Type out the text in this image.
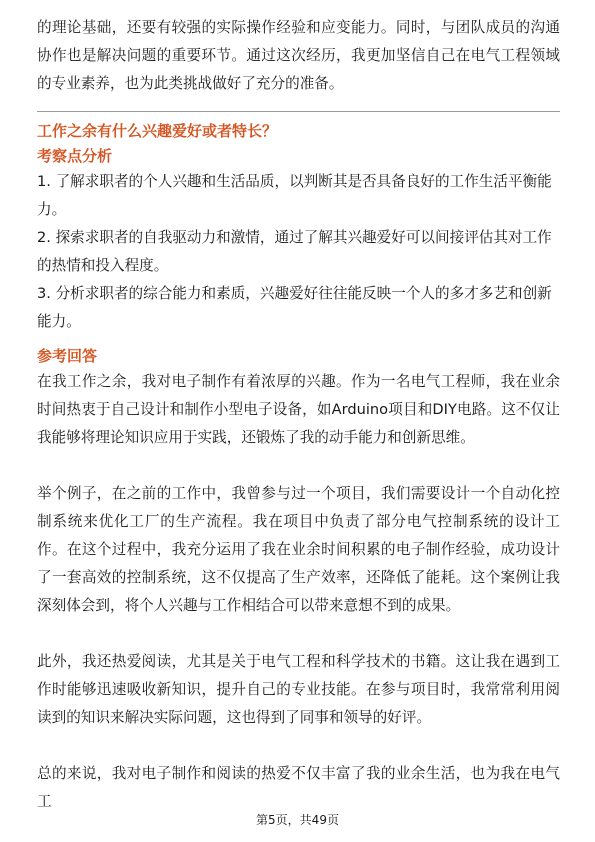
的理论基础，还要有较强的实际操作经验和应变能力。同时，与团队成员的沟通协作也是解决问题的重要环节。通过这次经历，我更加坚信自己在电气工程领域的专业素养，也为此类挑战做好了充分的准备。

工作之余有什么兴趣爱好或者特长？

考察点分析

1. 了解求职者的个人兴趣和生活品质，以判断其是否具备良好的工作生活平衡能力。

2. 探索求职者的自我驱动力和激情，通过了解其兴趣爱好可以间接评估其对工作的热情和投入程度。

3. 分析求职者的综合能力和素质，兴趣爱好往往能反映一个人的多才多艺和创新能力。

参考回答

在我工作之余，我对电子制作有着浓厚的兴趣。作为一名电气工程师，我在业余时间热衷于自己设计和制作小型电子设备，如Arduino项目和DIY电路。这不仅让我能够将理论知识应用于实践，还锻炼了我的动手能力和创新思维。

举个例子，在之前的工作中，我曾参与过一个项目，我们需要设计一个自动化控制系统来优化工厂的生产流程。我在项目中负责了部分电气控制系统的设计工作。在这个过程中，我充分运用了我在业余时间积累的电子制作经验，成功设计了一套高效的控制系统，这不仅提高了生产效率，还降低了能耗。这个案例让我深刻体会到，将个人兴趣与工作相结合可以带来意想不到的成果。

此外，我还热爱阅读，尤其是关于电气工程和科学技术的书籍。这让我在遇到工作时能够迅速吸收新知识，提升自己的专业技能。在参与项目时，我常常利用阅读到的知识来解决实际问题，这也得到了同事和领导的好评。

总的来说，我对电子制作和阅读的热爱不仅丰富了我的业余生活，也为我在电气工

第5页，共49页
